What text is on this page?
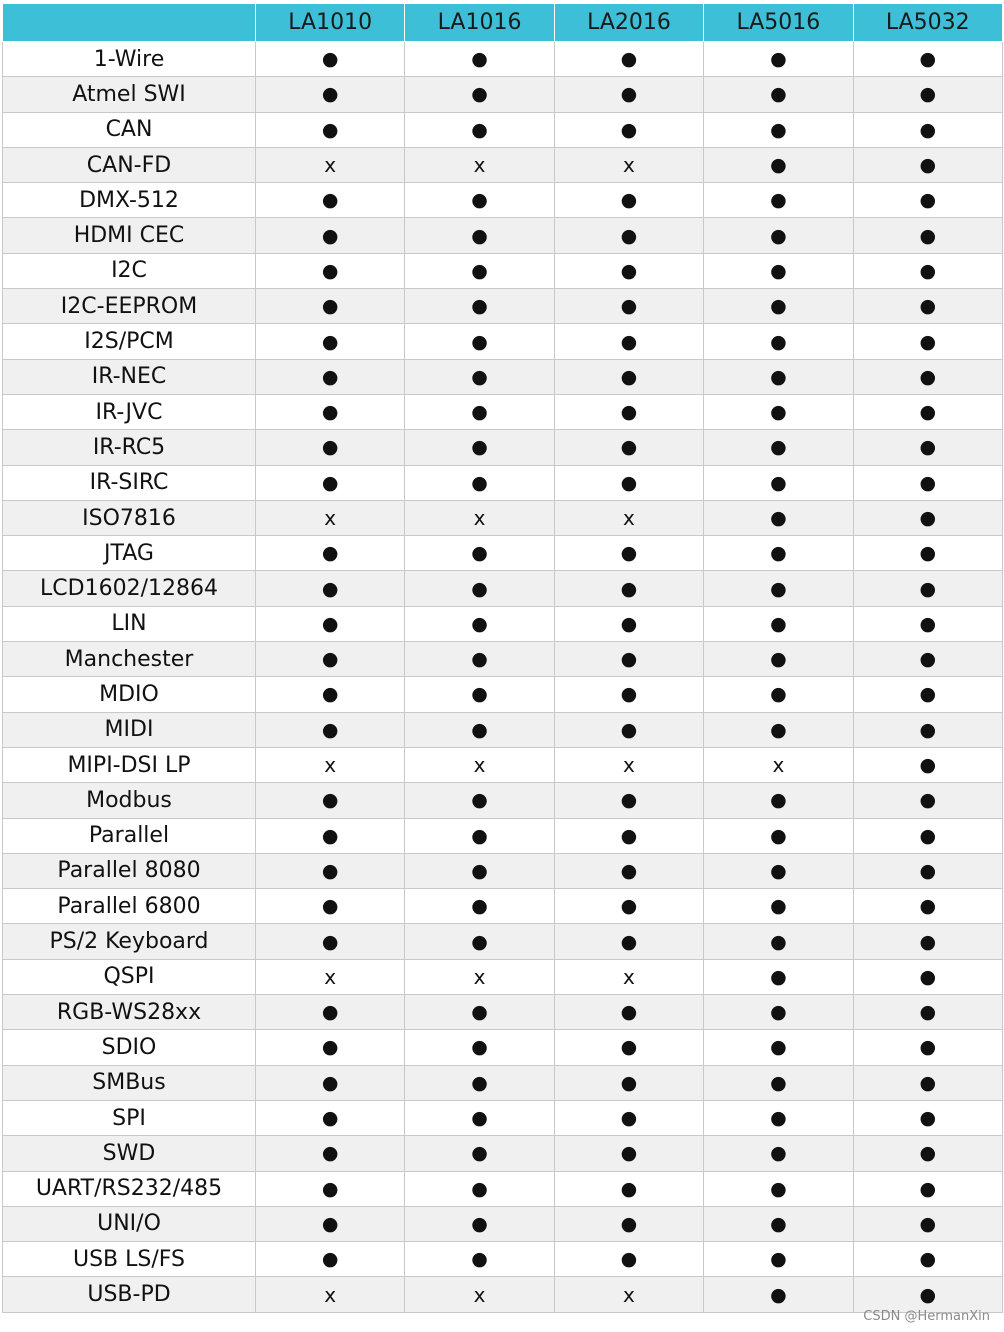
	LA1010	LA1016	LA2016	LA5016	LA5032
1-Wire	●	●	●	●	●
Atmel SWI	●	●	●	●	●
CAN	●	●	●	●	●
CAN-FD	x	x	x	●	●
DMX-512	●	●	●	●	●
HDMI CEC	●	●	●	●	●
I2C	●	●	●	●	●
I2C-EEPROM	●	●	●	●	●
I2S/PCM	●	●	●	●	●
IR-NEC	●	●	●	●	●
IR-JVC	●	●	●	●	●
IR-RC5	●	●	●	●	●
IR-SIRC	●	●	●	●	●
ISO7816	x	x	x	●	●
JTAG	●	●	●	●	●
LCD1602/12864	●	●	●	●	●
LIN	●	●	●	●	●
Manchester	●	●	●	●	●
MDIO	●	●	●	●	●
MIDI	●	●	●	●	●
MIPI-DSI LP	x	x	x	x	●
Modbus	●	●	●	●	●
Parallel	●	●	●	●	●
Parallel 8080	●	●	●	●	●
Parallel 6800	●	●	●	●	●
PS/2 Keyboard	●	●	●	●	●
QSPI	x	x	x	●	●
RGB-WS28xx	●	●	●	●	●
SDIO	●	●	●	●	●
SMBus	●	●	●	●	●
SPI	●	●	●	●	●
SWD	●	●	●	●	●
UART/RS232/485	●	●	●	●	●
UNI/O	●	●	●	●	●
USB LS/FS	●	●	●	●	●
USB-PD	x	x	x	●	●
CSDN @HermanXin
